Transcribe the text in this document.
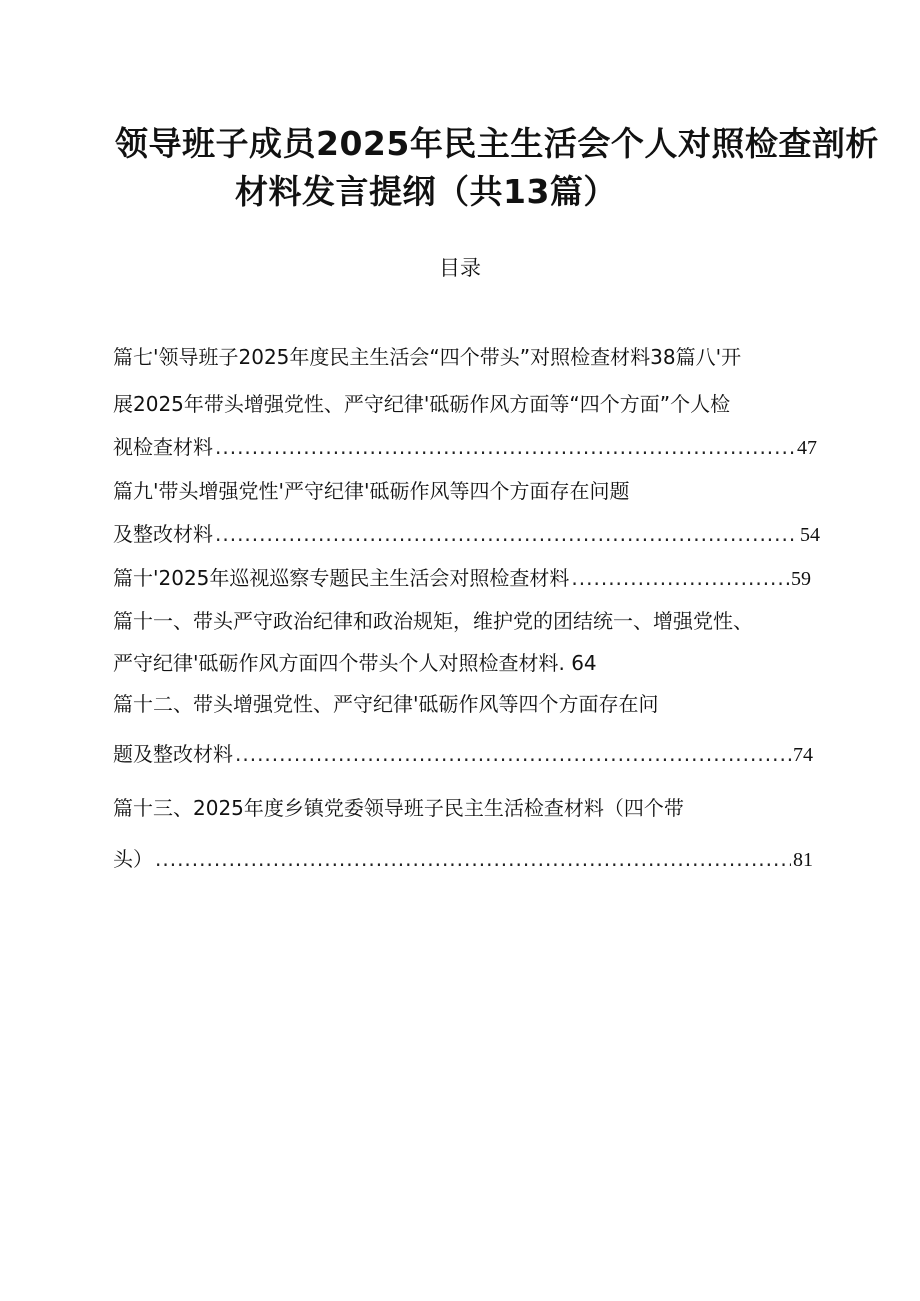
领导班子成员2025年民主生活会个人对照检查剖析
材料发言提纲（共13篇）
目录
篇七'领导班子2025年度民主生活会“四个带头”对照检查材料38篇八'开
展2025年带头增强党性、严守纪律'砥砺作风方面等“四个方面”个人检
视检查材料 .....	47
篇九'带头增强党性'严守纪律'砥砺作风等四个方面存在问题
及整改材料 .....	54
篇十'2025年巡视巡察专题民主生活会对照检查材料 .....	59
篇十一、带头严守政治纪律和政治规矩，维护党的团结统一、增强党性、
严守纪律'砥砺作风方面四个带头个人对照检查材料. 64
篇十二、带头增强党性、严守纪律'砥砺作风等四个方面存在问
题及整改材料 .....	74
篇十三、2025年度乡镇党委领导班子民主生活检查材料（四个带
头） .....	81
